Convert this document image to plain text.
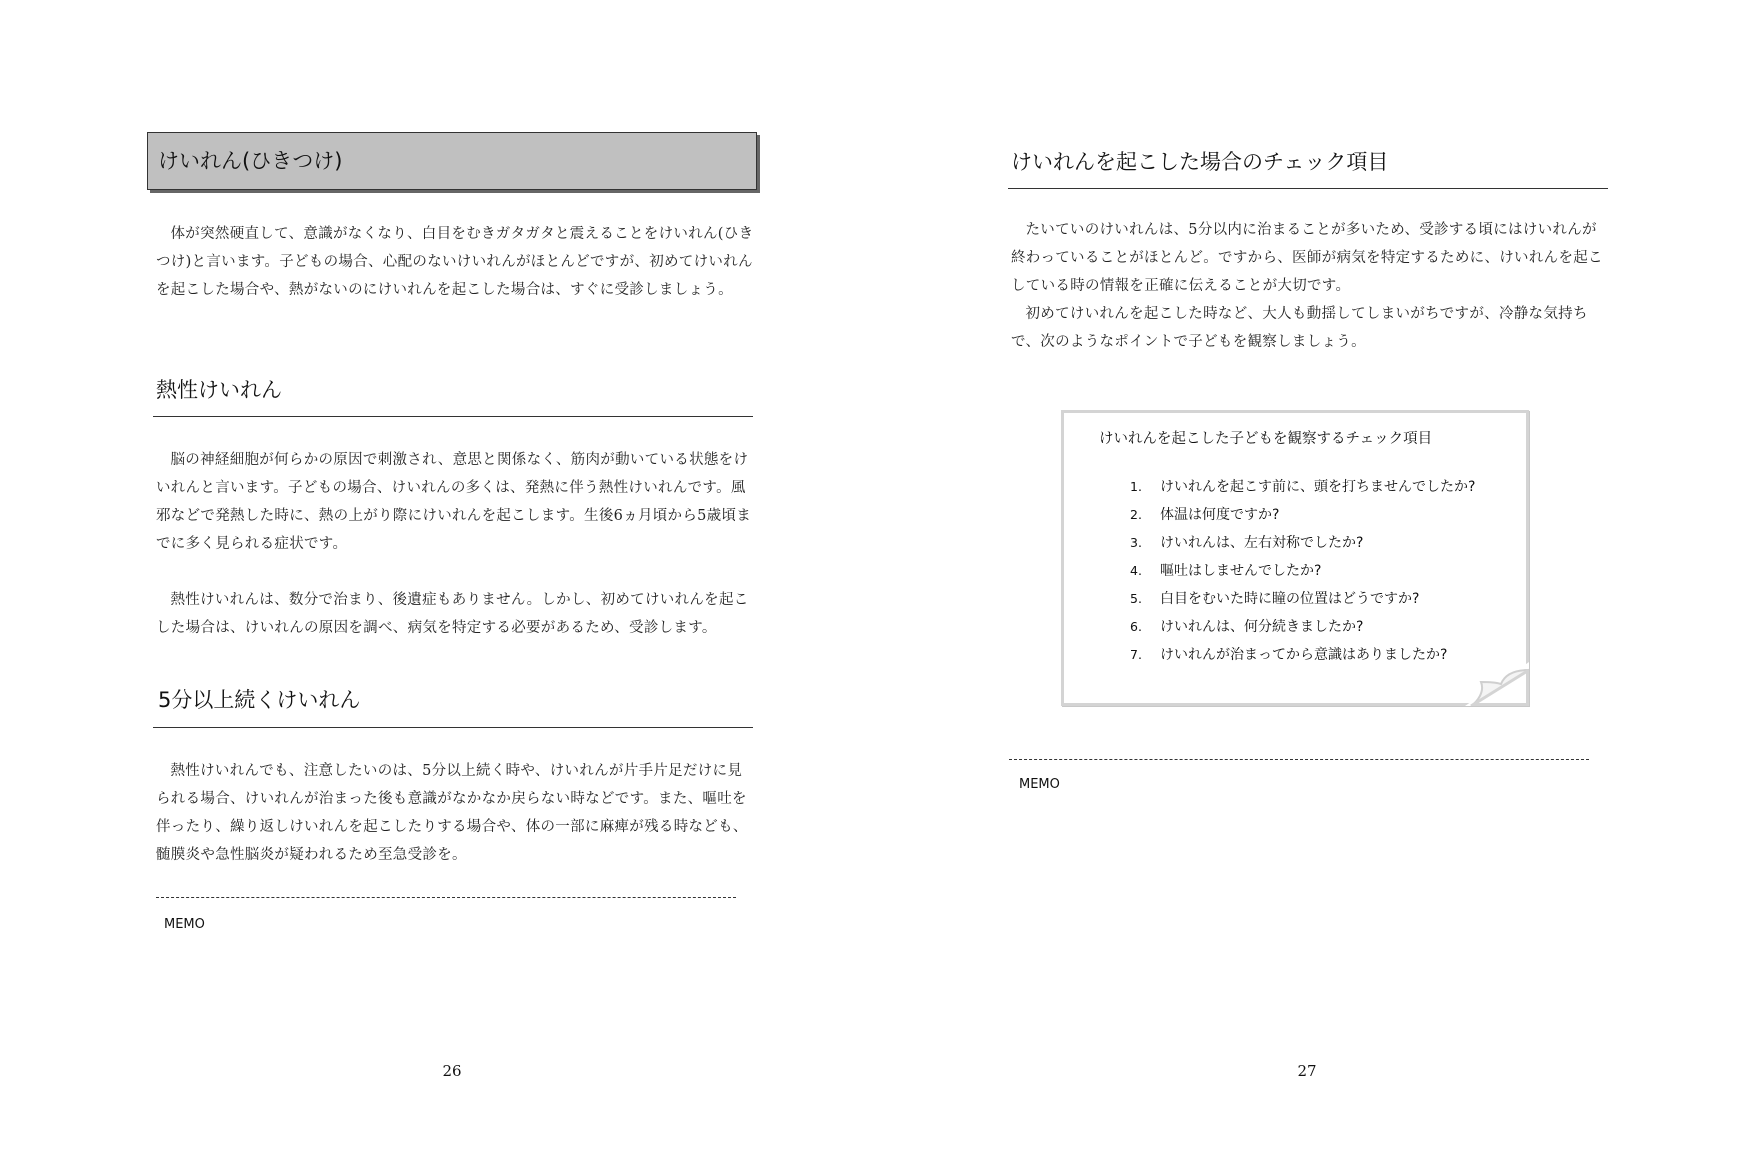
けいれん(ひきつけ)

体が突然硬直して、意識がなくなり、白目をむきガタガタと震えることをけいれん(ひきつけ)と言います。子どもの場合、心配のないけいれんがほとんどですが、初めてけいれんを起こした場合や、熱がないのにけいれんを起こした場合は、すぐに受診しましょう。

熱性けいれん

脳の神経細胞が何らかの原因で刺激され、意思と関係なく、筋肉が動いている状態をけいれんと言います。子どもの場合、けいれんの多くは、発熱に伴う熱性けいれんです。風邪などで発熱した時に、熱の上がり際にけいれんを起こします。生後6ヵ月頃から5歳頃までに多く見られる症状です。

熱性けいれんは、数分で治まり、後遺症もありません。しかし、初めてけいれんを起こした場合は、けいれんの原因を調べ、病気を特定する必要があるため、受診します。

5分以上続くけいれん

熱性けいれんでも、注意したいのは、5分以上続く時や、けいれんが片手片足だけに見られる場合、けいれんが治まった後も意識がなかなか戻らない時などです。また、嘔吐を伴ったり、繰り返しけいれんを起こしたりする場合や、体の一部に麻痺が残る時なども、髄膜炎や急性脳炎が疑われるため至急受診を。

MEMO
26
けいれんを起こした場合のチェック項目

たいていのけいれんは、5分以内に治まることが多いため、受診する頃にはけいれんが終わっていることがほとんど。ですから、医師が病気を特定するために、けいれんを起こしている時の情報を正確に伝えることが大切です。

初めてけいれんを起こした時など、大人も動揺してしまいがちですが、冷静な気持ちで、次のようなポイントで子どもを観察しましょう。

MEMO
27
けいれんを起こした子どもを観察するチェック項目
1. けいれんを起こす前に、頭を打ちませんでしたか?
2. 体温は何度ですか?
3. けいれんは、左右対称でしたか?
4. 嘔吐はしませんでしたか?
5. 白目をむいた時に瞳の位置はどうですか?
6. けいれんは、何分続きましたか?
7. けいれんが治まってから意識はありましたか?
